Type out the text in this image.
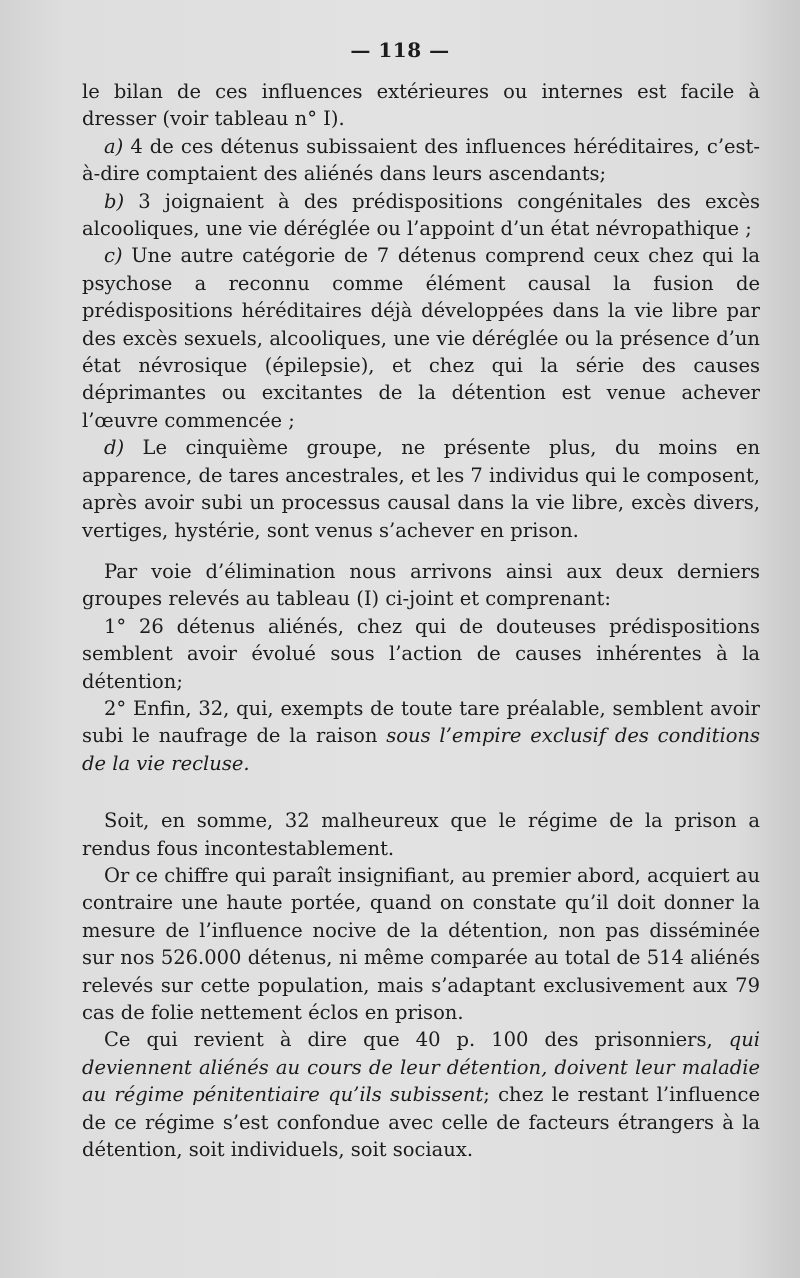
— 118 —

le bilan de ces influences extérieures ou internes est facile à dresser (voir tableau n° I).

a) 4 de ces détenus subissaient des influences héréditaires, c’est-à-dire comptaient des aliénés dans leurs ascendants;

b) 3 joignaient à des prédispositions congénitales des excès alcooliques, une vie déréglée ou l’appoint d’un état névropathique ;

c) Une autre catégorie de 7 détenus comprend ceux chez qui la psychose a reconnu comme élément causal la fusion de prédispositions héréditaires déjà développées dans la vie libre par des excès sexuels, alcooliques, une vie déréglée ou la présence d’un état névrosique (épilepsie), et chez qui la série des causes déprimantes ou excitantes de la détention est venue achever l’œuvre commencée ;

d) Le cinquième groupe, ne présente plus, du moins en apparence, de tares ancestrales, et les 7 individus qui le composent, après avoir subi un processus causal dans la vie libre, excès divers, vertiges, hystérie, sont venus s’achever en prison.

Par voie d’élimination nous arrivons ainsi aux deux derniers groupes relevés au tableau (I) ci-joint et comprenant:

1° 26 détenus aliénés, chez qui de douteuses prédispositions semblent avoir évolué sous l’action de causes inhérentes à la détention;

2° Enfin, 32, qui, exempts de toute tare préalable, semblent avoir subi le naufrage de la raison sous l’empire exclusif des conditions de la vie recluse.

Soit, en somme, 32 malheureux que le régime de la prison a rendus fous incontestablement.

Or ce chiffre qui paraît insignifiant, au premier abord, acquiert au contraire une haute portée, quand on constate qu’il doit donner la mesure de l’influence nocive de la détention, non pas disséminée sur nos 526.000 détenus, ni même comparée au total de 514 aliénés relevés sur cette population, mais s’adaptant exclusivement aux 79 cas de folie nettement éclos en prison.

Ce qui revient à dire que 40 p. 100 des prisonniers, qui deviennent aliénés au cours de leur détention, doivent leur maladie au régime pénitentiaire qu’ils subissent; chez le restant l’influence de ce régime s’est confondue avec celle de facteurs étrangers à la détention, soit individuels, soit sociaux.
